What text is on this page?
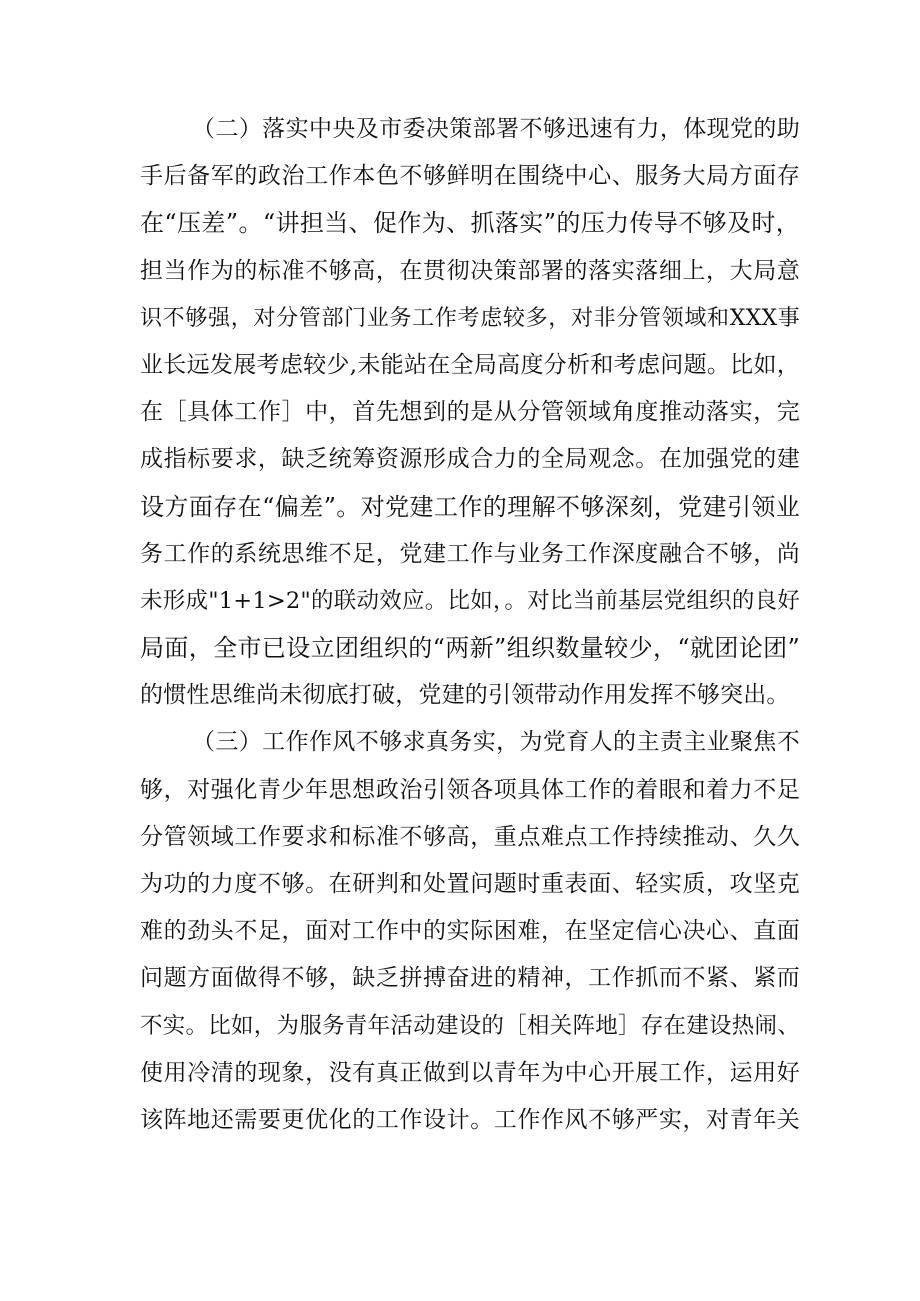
（二）落实中央及市委决策部署不够迅速有力，体现党的助
手后备军的政治工作本色不够鲜明在围绕中心、服务大局方面存
在“压差”。“讲担当、促作为、抓落实”的压力传导不够及时，
担当作为的标准不够高，在贯彻决策部署的落实落细上，大局意
识不够强，对分管部门业务工作考虑较多，对非分管领域和XXX事
业长远发展考虑较少,未能站在全局高度分析和考虑问题。比如，
在［具体工作］中，首先想到的是从分管领域角度推动落实，完
成指标要求，缺乏统筹资源形成合力的全局观念。在加强党的建
设方面存在“偏差”。对党建工作的理解不够深刻，党建引领业
务工作的系统思维不足，党建工作与业务工作深度融合不够，尚
未形成"1+1>2"的联动效应。比如，。对比当前基层党组织的良好
局面，全市已设立团组织的“两新”组织数量较少，“就团论团”
的惯性思维尚未彻底打破，党建的引领带动作用发挥不够突出。
（三）工作作风不够求真务实，为党育人的主责主业聚焦不
够，对强化青少年思想政治引领各项具体工作的着眼和着力不足
分管领域工作要求和标准不够高，重点难点工作持续推动、久久
为功的力度不够。在研判和处置问题时重表面、轻实质，攻坚克
难的劲头不足，面对工作中的实际困难，在坚定信心决心、直面
问题方面做得不够，缺乏拼搏奋进的精神，工作抓而不紧、紧而
不实。比如，为服务青年活动建设的［相关阵地］存在建设热闹、
使用冷清的现象，没有真正做到以青年为中心开展工作，运用好
该阵地还需要更优化的工作设计。工作作风不够严实，对青年关
